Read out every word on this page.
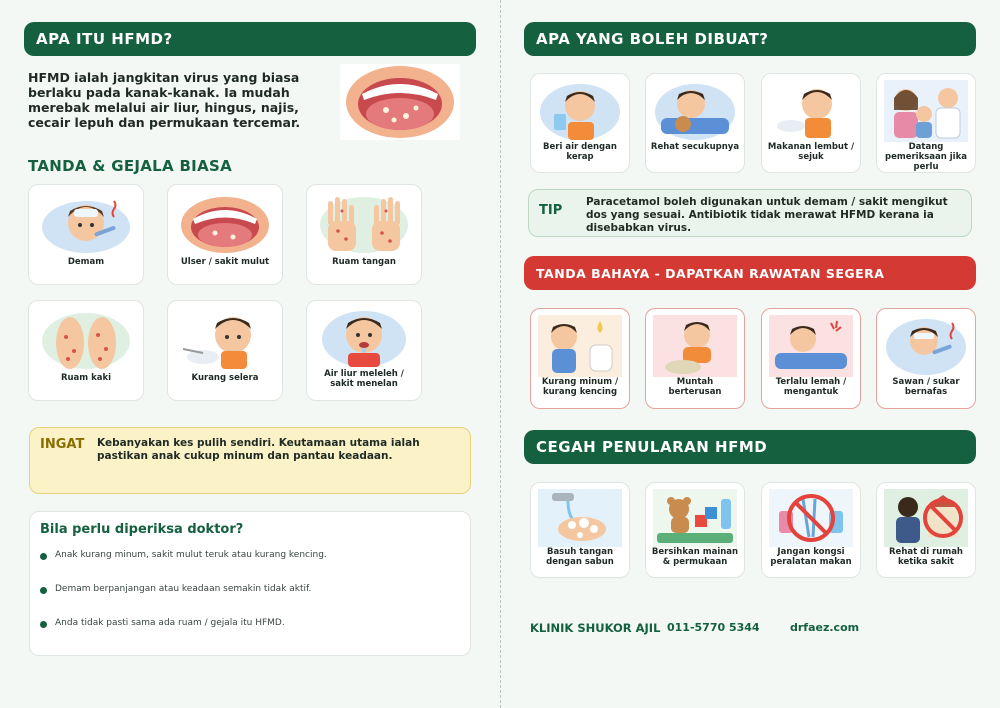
APA ITU HFMD?
HFMD ialah jangkitan virus yang biasa berlaku pada kanak-kanak. Ia mudah merebak melalui air liur, hingus, najis, cecair lepuh dan permukaan tercemar.
TANDA & GEJALA BIASA
Demam	Ulser / sakit mulut	Ruam tangan
Ruam kaki	Kurang selera	Air liur meleleh / sakit menelan
INGAT Kebanyakan kes pulih sendiri. Keutamaan utama ialah pastikan anak cukup minum dan pantau keadaan.
Bila perlu diperiksa doktor?
Anak kurang minum, sakit mulut teruk atau kurang kencing.
Demam berpanjangan atau keadaan semakin tidak aktif.
Anda tidak pasti sama ada ruam / gejala itu HFMD.
APA YANG BOLEH DIBUAT?
Beri air dengan kerap
Rehat secukupnya	Makanan lembut / sejuk
Datang pemeriksaan jika perlu
TIP
Paracetamol boleh digunakan untuk demam / sakit mengikut dos yang sesuai. Antibiotik tidak merawat HFMD kerana ia disebabkan virus.
TANDA BAHAYA - DAPATKAN RAWATAN SEGERA
Kurang minum / kurang kencing
Muntah berterusan
Terlalu lemah / mengantuk
Sawan / sukar bernafas
CEGAH PENULARAN HFMD
Basuh tangan dengan sabun
Bersihkan mainan & permukaan
Jangan kongsi peralatan makan
Rehat di rumah ketika sakit
KLINIK SHUKOR AJIL 011-5770 5344	drfaez.com
